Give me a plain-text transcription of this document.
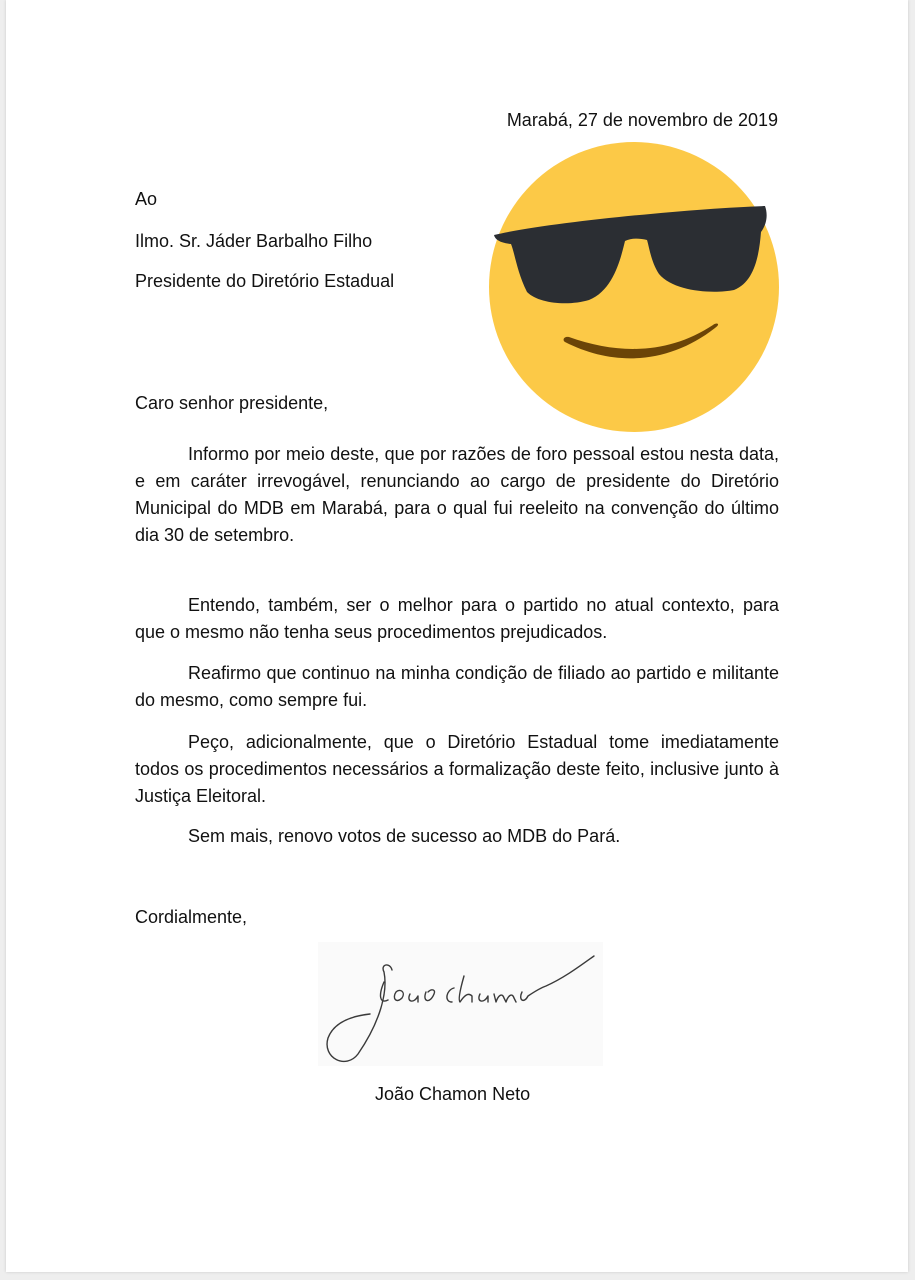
Marabá, 27 de novembro de 2019
Ao
Ilmo. Sr. Jáder Barbalho Filho
Presidente do Diretório Estadual
Caro senhor presidente,

Informo por meio deste, que por razões de foro pessoal estou nesta data, e em caráter irrevogável, renunciando ao cargo de presidente do Diretório Municipal do MDB em Marabá, para o qual fui reeleito na convenção do último dia 30 de setembro.

Entendo, também, ser o melhor para o partido no atual contexto, para que o mesmo não tenha seus procedimentos prejudicados.

Reafirmo que continuo na minha condição de filiado ao partido e militante do mesmo, como sempre fui.

Peço, adicionalmente, que o Diretório Estadual tome imediatamente todos os procedimentos necessários a formalização deste feito, inclusive junto à Justiça Eleitoral.

Sem mais, renovo votos de sucesso ao MDB do Pará.

Cordialmente,
João Chamon Neto
